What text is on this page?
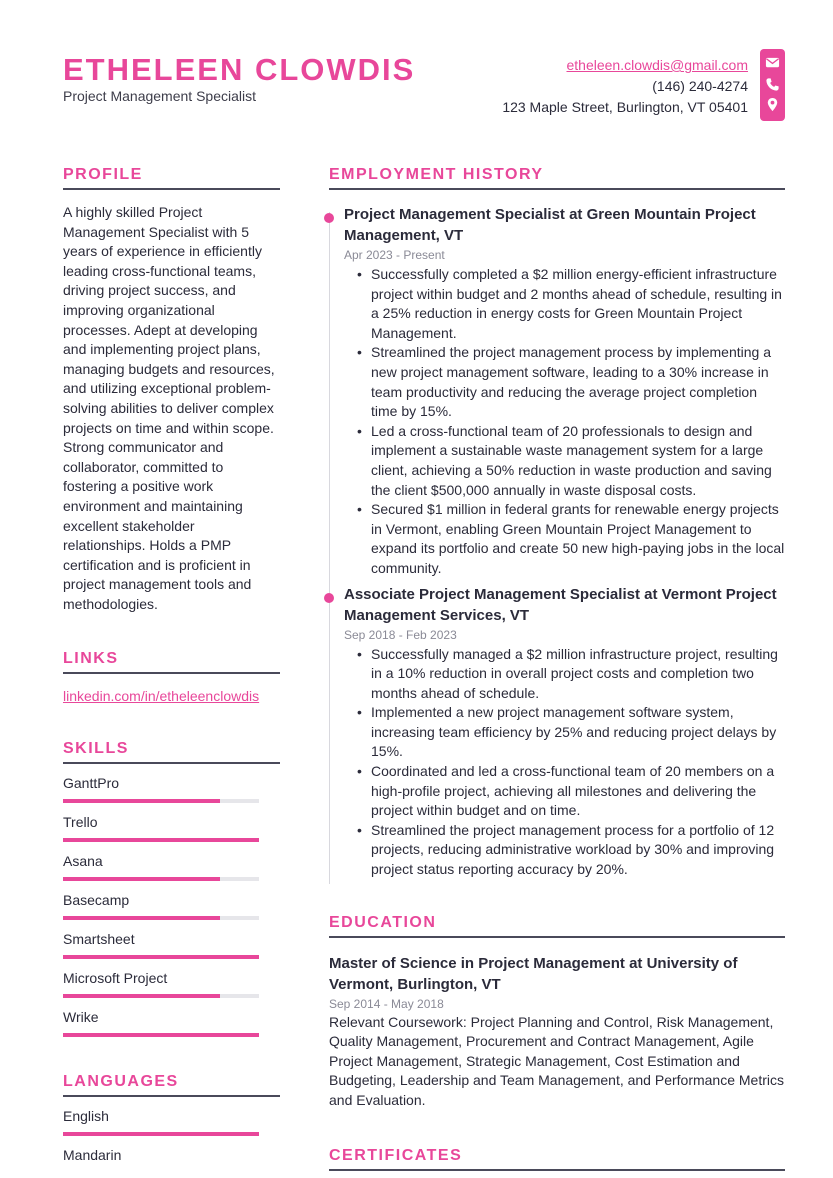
ETHELEEN CLOWDIS
Project Management Specialist
etheleen.clowdis@gmail.com
(146) 240-4274
123 Maple Street, Burlington, VT 05401
PROFILE
A highly skilled Project Management Specialist with 5 years of experience in efficiently leading cross-functional teams, driving project success, and improving organizational processes. Adept at developing and implementing project plans, managing budgets and resources, and utilizing exceptional problem-solving abilities to deliver complex projects on time and within scope. Strong communicator and collaborator, committed to fostering a positive work environment and maintaining excellent stakeholder relationships. Holds a PMP certification and is proficient in project management tools and methodologies.
LINKS
linkedin.com/in/etheleenclowdis
SKILLS
GanttPro
Trello
Asana
Basecamp
Smartsheet
Microsoft Project
Wrike
LANGUAGES
English
Mandarin
EMPLOYMENT HISTORY
Project Management Specialist at Green Mountain Project Management, VT
Apr 2023 - Present
• Successfully completed a $2 million energy-efficient infrastructure project within budget and 2 months ahead of schedule, resulting in a 25% reduction in energy costs for Green Mountain Project Management.
• Streamlined the project management process by implementing a new project management software, leading to a 30% increase in team productivity and reducing the average project completion time by 15%.
• Led a cross-functional team of 20 professionals to design and implement a sustainable waste management system for a large client, achieving a 50% reduction in waste production and saving the client $500,000 annually in waste disposal costs.
• Secured $1 million in federal grants for renewable energy projects in Vermont, enabling Green Mountain Project Management to expand its portfolio and create 50 new high-paying jobs in the local community.
Associate Project Management Specialist at Vermont Project Management Services, VT
Sep 2018 - Feb 2023
• Successfully managed a $2 million infrastructure project, resulting in a 10% reduction in overall project costs and completion two months ahead of schedule.
• Implemented a new project management software system, increasing team efficiency by 25% and reducing project delays by 15%.
• Coordinated and led a cross-functional team of 20 members on a high-profile project, achieving all milestones and delivering the project within budget and on time.
• Streamlined the project management process for a portfolio of 12 projects, reducing administrative workload by 30% and improving project status reporting accuracy by 20%.
EDUCATION
Master of Science in Project Management at University of Vermont, Burlington, VT
Sep 2014 - May 2018
Relevant Coursework: Project Planning and Control, Risk Management, Quality Management, Procurement and Contract Management, Agile Project Management, Strategic Management, Cost Estimation and Budgeting, Leadership and Team Management, and Performance Metrics and Evaluation.
CERTIFICATES
